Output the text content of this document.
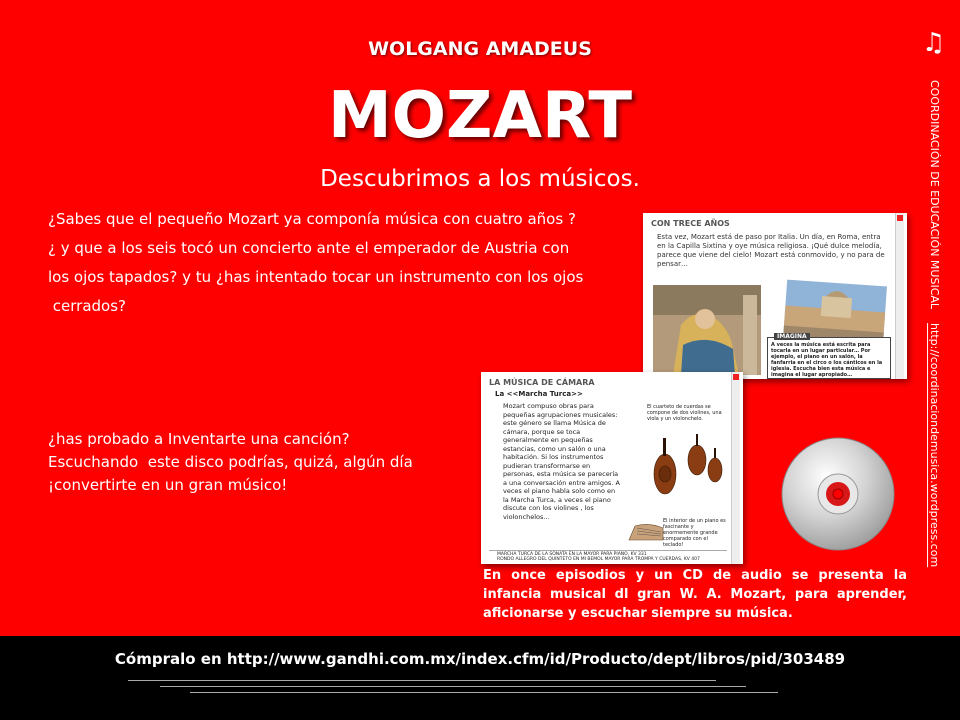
WOLGANG AMADEUS
MOZART
Descubrimos a los músicos.
¿Sabes que el pequeño Mozart ya componía música con cuatro años ?
¿ y que a los seis tocó un concierto ante el emperador de Austria con
los ojos tapados? y tu ¿has intentado tocar un instrumento con los ojos
cerrados?
¿has probado a Inventarte una canción?
Escuchando  este disco podrías, quizá, algún día
¡convertirte en un gran músico!
CON TRECE AÑOS
Esta vez, Mozart está de paso por Italia. Un día, en Roma, entra en la Capilla Sixtina y oye música religiosa. ¡Qué dulce melodía, parece que viene del cielo! Mozart está conmovido, y no para de pensar…
IMAGINA
A veces la música está escrita para tocarla en un lugar particular… Por ejemplo, el piano en un salón, la fanfarria en el circo o los cánticos en la iglesia. Escucha bien esta música e imagina el lugar apropiado…
LA MÚSICA DE CÁMARA
La <<Marcha Turca>>
Mozart compuso obras para pequeñas agrupaciones musicales: este género se llama Música de cámara, porque se toca generalmente en pequeñas estancias, como un salón o una habitación. Si los instrumentos pudieran transformarse en personas, esta música se parecería a una conversación entre amigos. A veces el piano habla solo como en la Marcha Turca, a veces el piano discute con los violines , los violonchelos…
El cuarteto de cuerdas se compone de dos violines, una viola y un violonchelo.
El interior de un piano es fascinante y enormemente grande comparado con el teclado!
MARCHA TURCA DE LA SONATA EN LA MAYOR PARA PIANO, KV 331
RONDO ALLEGRO DEL QUINTETO EN MI BEMOL MAYOR PARA TROMPA Y CUERDAS, KV 407
En once episodios y un CD de audio se presenta la infancia musical dl gran W. A. Mozart, para aprender, aficionarse y escuchar siempre su música.
♫
COORDINACIÓN DE EDUCACIÓN MUSICAL    http://coordinaciondemusica.wordpress.com
Cómpralo en http://www.gandhi.com.mx/index.cfm/id/Producto/dept/libros/pid/303489
